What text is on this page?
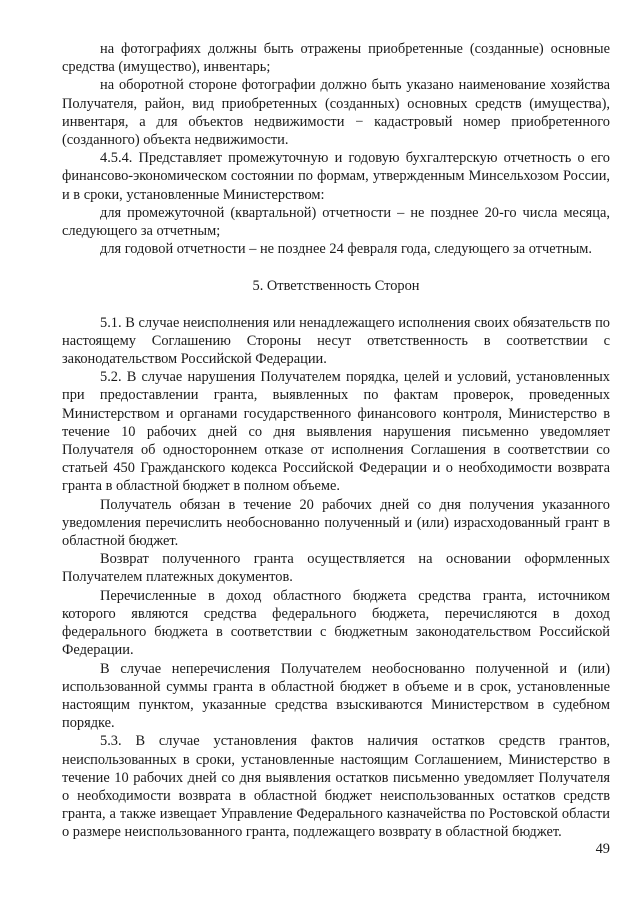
на фотографиях должны быть отражены приобретенные (созданные) основные средства (имущество), инвентарь;

на оборотной стороне фотографии должно быть указано наименование хозяйства Получателя, район, вид приобретенных (созданных) основных средств (имущества), инвентаря, а для объектов недвижимости − кадастровый номер приобретенного (созданного) объекта недвижимости.

4.5.4. Представляет промежуточную и годовую бухгалтерскую отчетность о его финансово-экономическом состоянии по формам, утвержденным Минсельхозом России, и в сроки, установленные Министерством:

для промежуточной (квартальной) отчетности – не позднее 20-го числа месяца, следующего за отчетным;

для годовой отчетности – не позднее 24 февраля года, следующего за отчетным.

5. Ответственность Сторон

5.1. В случае неисполнения или ненадлежащего исполнения своих обязательств по настоящему Соглашению Стороны несут ответственность в соответствии с законодательством Российской Федерации.

5.2. В случае нарушения Получателем порядка, целей и условий, установленных при предоставлении гранта, выявленных по фактам проверок, проведенных Министерством и органами государственного финансового контроля, Министерство в течение 10 рабочих дней со дня выявления нарушения письменно уведомляет Получателя об одностороннем отказе от исполнения Соглашения в соответствии со статьей 450 Гражданского кодекса Российской Федерации и о необходимости возврата гранта в областной бюджет в полном объеме.

Получатель обязан в течение 20 рабочих дней со дня получения указанного уведомления перечислить необоснованно полученный и (или) израсходованный грант в областной бюджет.

Возврат полученного гранта осуществляется на основании оформленных Получателем платежных документов.

Перечисленные в доход областного бюджета средства гранта, источником которого являются средства федерального бюджета, перечисляются в доход федерального бюджета в соответствии с бюджетным законодательством Российской Федерации.

В случае неперечисления Получателем необоснованно полученной и (или) использованной суммы гранта в областной бюджет в объеме и в срок, установленные настоящим пунктом, указанные средства взыскиваются Министерством в судебном порядке.

5.3. В случае установления фактов наличия остатков средств грантов, неиспользованных в сроки, установленные настоящим Соглашением, Министерство в течение 10 рабочих дней со дня выявления остатков письменно уведомляет Получателя о необходимости возврата в областной бюджет неиспользованных остатков средств гранта, а также извещает Управление Федерального казначейства по Ростовской области о размере неиспользованного гранта, подлежащего возврату в областной бюджет.

49
